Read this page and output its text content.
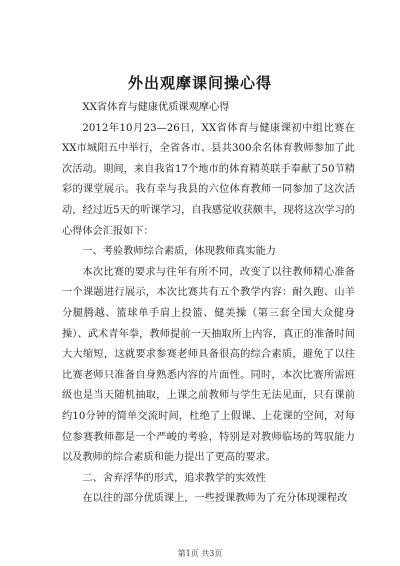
外出观摩课间操心得

XX省体育与健康优质课观摩心得

2012年10月23—26日，XX省体育与健康课初中组比赛在XX市城阳五中举行，全省各市、县共300余名体育教师参加了此次活动。期间，来自我省17个地市的体育精英联手奉献了50节精彩的课堂展示。我有幸与我县的六位体育教师一同参加了这次活动，经过近5天的听课学习，自我感觉收获颇丰，现将这次学习的心得体会汇报如下：

一、考验教师综合素质，体现教师真实能力

本次比赛的要求与往年有所不同，改变了以往教师精心准备一个课题进行展示，本次比赛共有五个教学内容：耐久跑、山羊分腿腾越、篮球单手肩上投篮、健美操（第三套全国大众健身操）、武术青年拳，教师提前一天抽取所上内容，真正的准备时间大大缩短，这就要求参赛老师具备很高的综合素质，避免了以往比赛老师只准备自身熟悉内容的片面性。同时，本次比赛所需班级也是当天随机抽取，上课之前教师与学生无法见面，只有课前约10分钟的简单交流时间，杜绝了上假课、上花课的空间，对每位参赛教师都是一个严峻的考验，特别是对教师临场的驾驭能力以及教师的综合素质和能力提出了更高的要求。

二、舍弃浮华的形式，追求教学的实效性

在以往的部分优质课上，一些授课教师为了充分体现课程改

第1页 共3页
